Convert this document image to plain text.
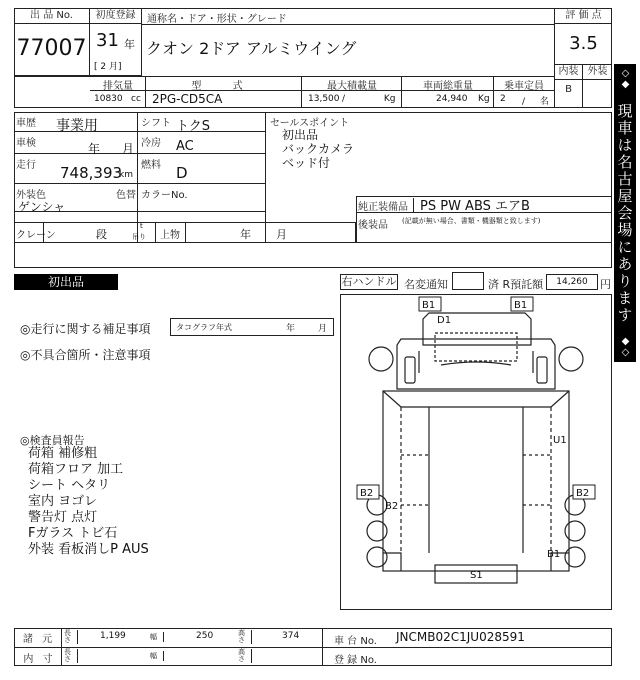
出 品 No.
77007
初度登録
31 年
[ 2 月]
通称名・ドア・形状・グレード
クオン 2ドア アルミウイング
評 価 点
3.5
内装 外装
B
排気量
10830 cc
型 式
2PG-CD5CA
最大積載量
13,500 / Kg
車両総重量
24,940 Kg
乗車定員
2 / 名
車歴 事業用	シフト トクS
車検	年 月 冷房 AC
走行 748,393
km
燃料 D
外装色
ゲンシャ
色替 カラーNo.
セールスポイント
初出品
バックカメラ
ベッド付
純正装備品 PS PW ABS エアB
後装品 (記載が無い場合、書類・機器類と致します)
クレーン	段
t
吊り 上物	年 月
初出品	右ハンドル 名変通知	済 R預託額	14,260	円
◎走行に関する補足事項	タコグラフ年式	年	月
◎不具合箇所・注意事項
◎検査員報告
荷箱 補修粗
荷箱フロア 加工
シート ヘタリ
室内 ヨゴレ
警告灯 点灯
Fガラス トビ石
外装 看板消しP AUS
B1	B1
D1
U1
B2	B2
B2
B1
S1
◇◆
現車は名古屋会場にあります
◆◇
諸 元
内 寸
長さ	1,199	幅	250	高さ	374
長さ	幅	高さ
車 台 No. JNCMB02C1JU028591
登 録 No.
